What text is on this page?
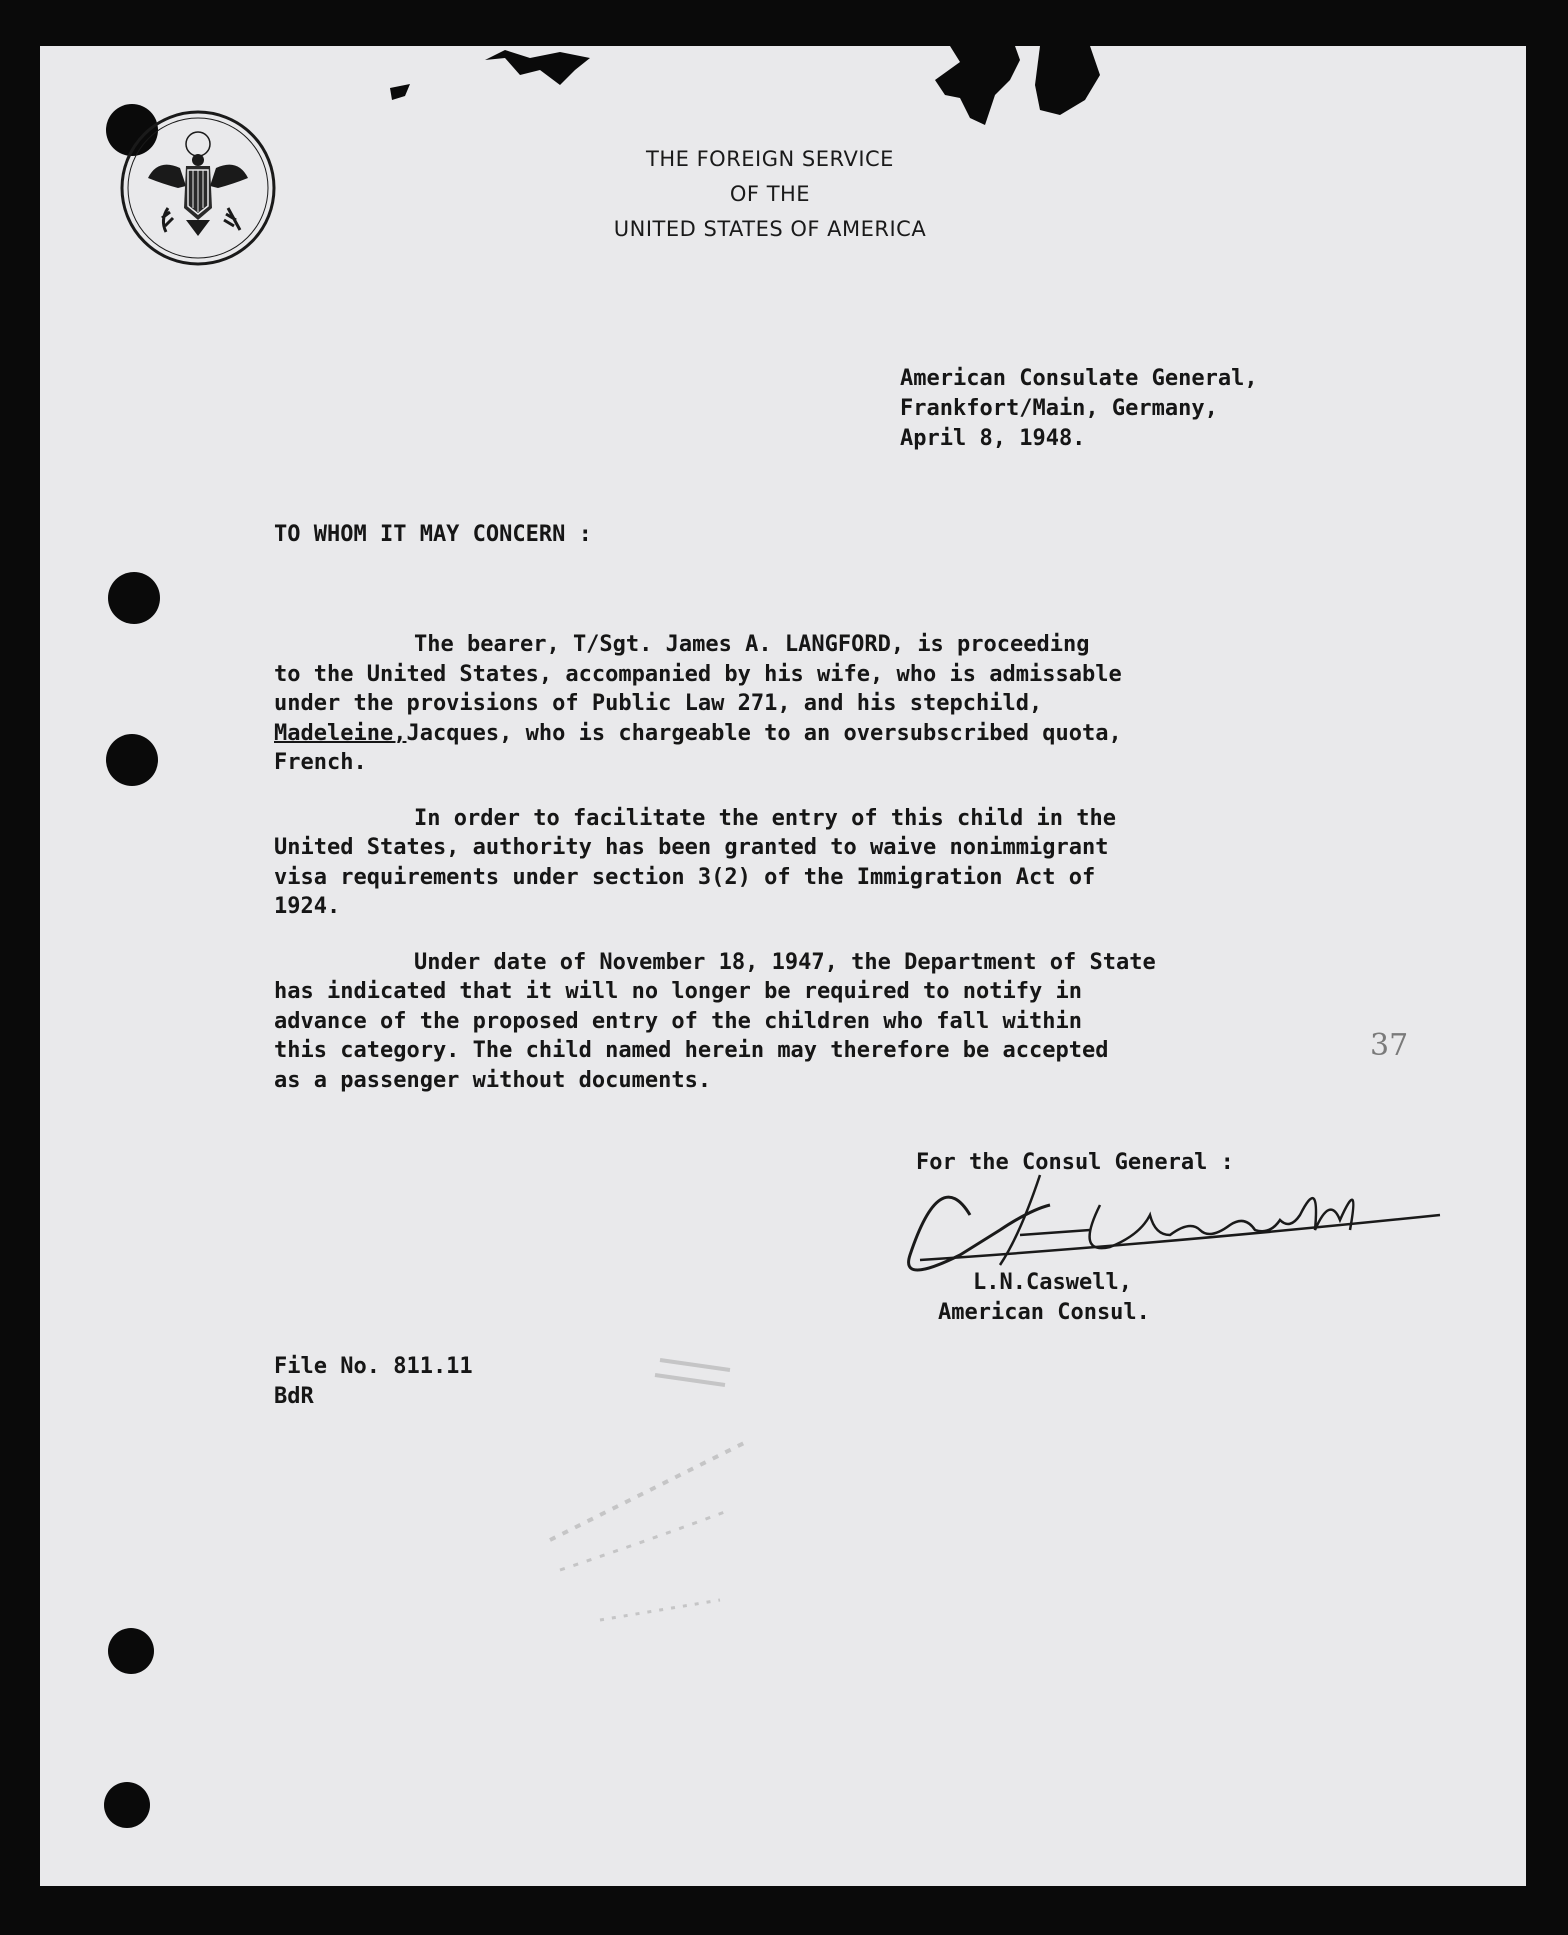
THE FOREIGN SERVICE
OF THE
UNITED STATES OF AMERICA
American Consulate General,
Frankfort/Main, Germany,
April 8, 1948.
TO WHOM IT MAY CONCERN :

The bearer, T/Sgt. James A. LANGFORD, is proceeding
to the United States, accompanied by his wife, who is admissable
under the provisions of Public Law 271, and his stepchild,
Madeleine,Jacques, who is chargeable to an oversubscribed quota,
French.

In order to facilitate the entry of this child in the
United States, authority has been granted to waive nonimmigrant
visa requirements under section 3(2) of the Immigration Act of
1924.

Under date of November 18, 1947, the Department of State
has indicated that it will no longer be required to notify in
advance of the proposed entry of the children who fall within
this category. The child named herein may therefore be accepted
as a passenger without documents.

37
For the Consul General :
L.N.Caswell,
American Consul.
File No. 811.11
BdR
